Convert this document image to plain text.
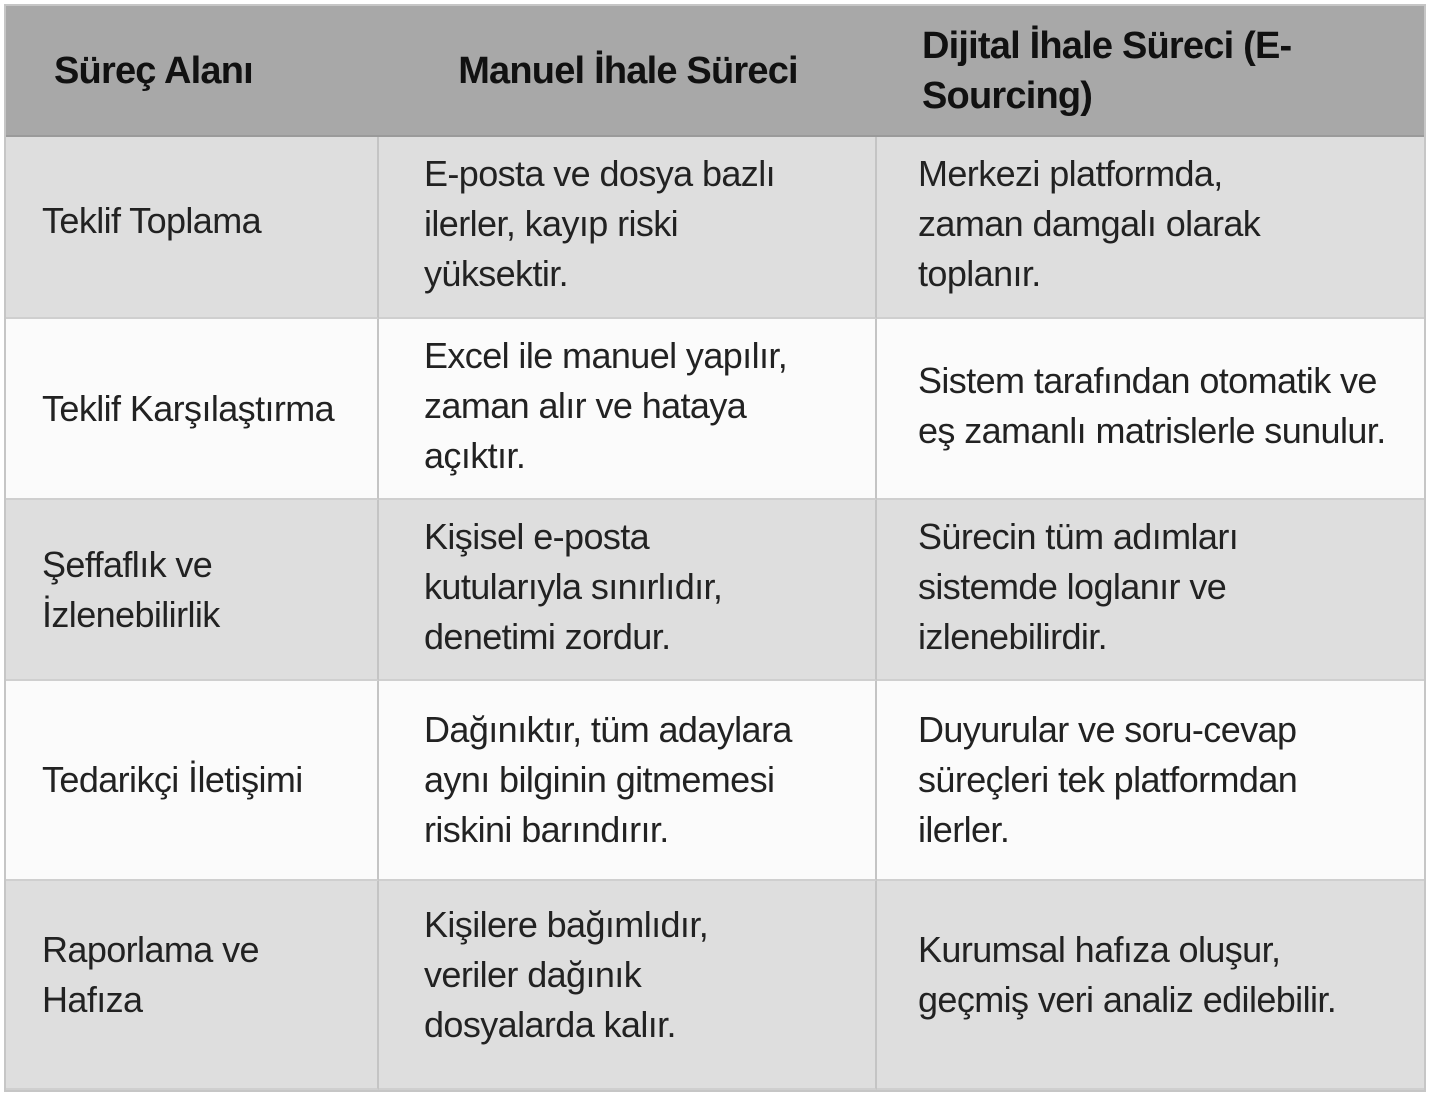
Süreç Alanı	Manuel İhale Süreci
Dijital İhale Süreci (E-Sourcing)
Teklif Toplama
E-posta ve dosya bazlı ilerler, kayıp riski yüksektir.
Merkezi platformda, zaman damgalı olarak toplanır.
Teklif Karşılaştırma
Excel ile manuel yapılır, zaman alır ve hataya açıktır.
Sistem tarafından otomatik ve eş zamanlı matrislerle sunulur.
Şeffaflık ve İzlenebilirlik
Kişisel e-posta kutularıyla sınırlıdır, denetimi zordur.
Sürecin tüm adımları sistemde loglanır ve izlenebilirdir.
Tedarikçi İletişimi
Dağınıktır, tüm adaylara aynı bilginin gitmemesi riskini barındırır.
Duyurular ve soru-cevap süreçleri tek platformdan ilerler.
Raporlama ve Hafıza
Kişilere bağımlıdır, veriler dağınık dosyalarda kalır.
Kurumsal hafıza oluşur, geçmiş veri analiz edilebilir.
